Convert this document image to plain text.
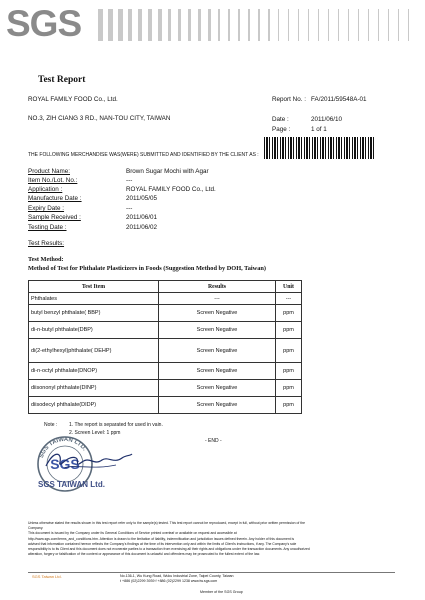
SGS
Test Report
ROYAL FAMILY FOOD Co., Ltd.
NO.3, ZIH CIANG 3 RD., NAN-TOU CITY, TAIWAN
Report No. : FA/2011/59548A-01
Date :	2011/06/10
Page :	1 of 1
THE FOLLOWING MERCHANDISE WAS(WERE) SUBMITTED AND IDENTIFIED BY THE CLIENT AS :
Product Name:	Brown Sugar Mochi with Agar
Item No./Lot. No.:	---
Application :	ROYAL FAMILY FOOD Co., Ltd.
Manufacture Date :	2011/05/05
Expiry Date :	---
Sample Received :	2011/06/01
Testing Date :	2011/06/02
Test Results:
Test Method:
Method of Test for Phthalate Plasticizers in Foods (Suggestion Method by DOH, Taiwan)
Test Item	Results	Unit
Phthalates	---	---
butyl benzyl phthalate( BBP)	Screen Negative	ppm
di-n-butyl phthalate(DBP)	Screen Negative	ppm
di(2-ethylhexyl)phthalate( DEHP)	Screen Negative	ppm
di-n-octyl phthalate(DNOP)	Screen Negative	ppm
diisononyl phthalate(DINP)	Screen Negative	ppm
diisodecyl phthalate(DIDP)	Screen Negative	ppm
Note : 1. The report is separated for used in vain.
2. Screen Level: 1 ppm
- END -
SGS TAIWAN LTD.
SGS
SGS TAIWAN Ltd.
Unless otherwise stated the results shown in this test report refer only to the sample(s) tested. This test report cannot be reproduced, except in full, without prior written permission of the
Company.
This document is issued by the Company under its General Conditions of Service printed overleaf or available on request and accessible at
http://www.sgs.com/terms_and_conditions.htm. Attention is drawn to the limitation of liability, indemnification and jurisdiction issues defined therein. Any holder of this document is
advised that information contained hereon reflects the Company's findings at the time of its intervention only and within the limits of Client's instructions, if any. The Company's sole
responsibility is to its Client and this document does not exonerate parties to a transaction from exercising all their rights and obligations under the transaction documents. Any unauthorized
alteration, forgery or falsification of the content or appearance of this document is unlawful and offenders may be prosecuted to the fullest extent of the law.
SGS Taiwan Ltd.	No.136-1, Wu Kung Road, Wuku Industrial Zone, Taipei County, Taiwan
t +886 (02)2299 3939 f +886 (02)2299 1238 www.tw.sgs.com
Member of the SGS Group
